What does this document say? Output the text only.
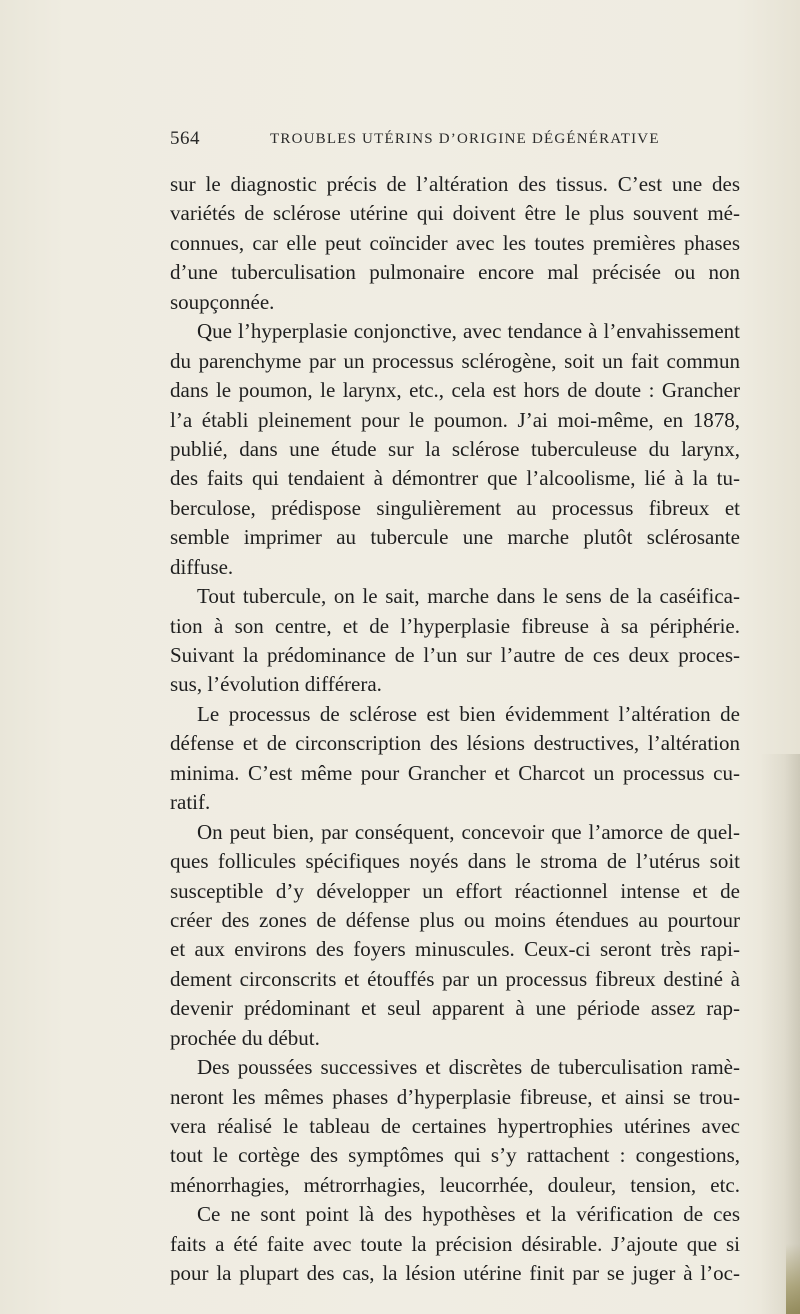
564	TROUBLES UTÉRINS D’ORIGINE DÉGÉNÉRATIVE
sur le diagnostic précis de l’altération des tissus. C’est une des
variétés de sclérose utérine qui doivent être le plus souvent mé-
connues, car elle peut coïncider avec les toutes premières phases
d’une tuberculisation pulmonaire encore mal précisée ou non
soupçonnée.
Que l’hyperplasie conjonctive, avec tendance à l’envahissement
du parenchyme par un processus sclérogène, soit un fait commun
dans le poumon, le larynx, etc., cela est hors de doute : Grancher
l’a établi pleinement pour le poumon. J’ai moi-même, en 1878,
publié, dans une étude sur la sclérose tuberculeuse du larynx,
des faits qui tendaient à démontrer que l’alcoolisme, lié à la tu-
berculose, prédispose singulièrement au processus fibreux et
semble imprimer au tubercule une marche plutôt sclérosante
diffuse.
Tout tubercule, on le sait, marche dans le sens de la caséifica-
tion à son centre, et de l’hyperplasie fibreuse à sa périphérie.
Suivant la prédominance de l’un sur l’autre de ces deux proces-
sus, l’évolution différera.
Le processus de sclérose est bien évidemment l’altération de
défense et de circonscription des lésions destructives, l’altération
minima. C’est même pour Grancher et Charcot un processus cu-
ratif.
On peut bien, par conséquent, concevoir que l’amorce de quel-
ques follicules spécifiques noyés dans le stroma de l’utérus soit
susceptible d’y développer un effort réactionnel intense et de
créer des zones de défense plus ou moins étendues au pourtour
et aux environs des foyers minuscules. Ceux-ci seront très rapi-
dement circonscrits et étouffés par un processus fibreux destiné à
devenir prédominant et seul apparent à une période assez rap-
prochée du début.
Des poussées successives et discrètes de tuberculisation ramè-
neront les mêmes phases d’hyperplasie fibreuse, et ainsi se trou-
vera réalisé le tableau de certaines hypertrophies utérines avec
tout le cortège des symptômes qui s’y rattachent : congestions,
ménorrhagies, métrorrhagies, leucorrhée, douleur, tension, etc.
Ce ne sont point là des hypothèses et la vérification de ces
faits a été faite avec toute la précision désirable. J’ajoute que si
pour la plupart des cas, la lésion utérine finit par se juger à l’oc-
